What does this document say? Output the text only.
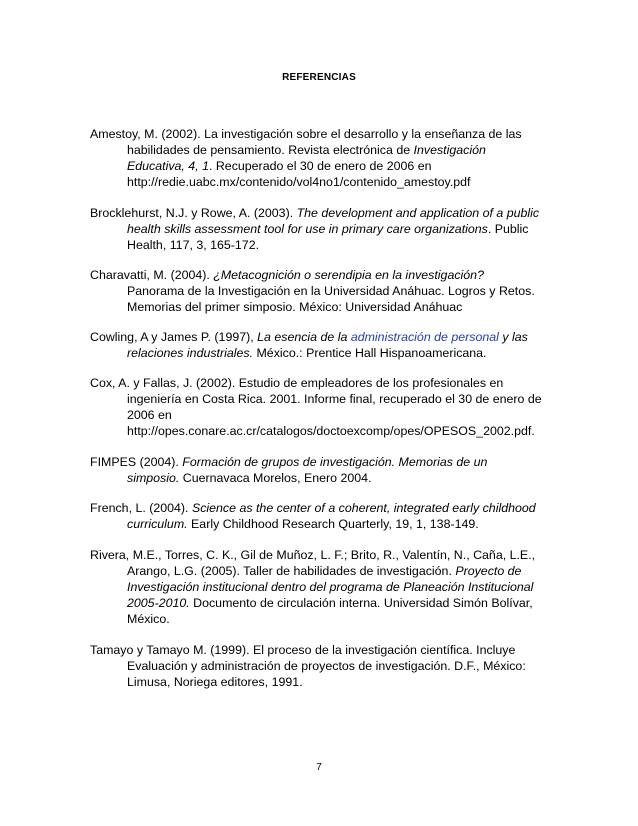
REFERENCIAS
Amestoy, M. (2002). La investigación sobre el desarrollo y la enseñanza de las
habilidades de pensamiento. Revista electrónica de Investigación
Educativa, 4, 1. Recuperado el 30 de enero de 2006 en
http://redie.uabc.mx/contenido/vol4no1/contenido_amestoy.pdf
Brocklehurst, N.J. y Rowe, A. (2003). The development and application of a public
health skills assessment tool for use in primary care organizations. Public
Health, 117, 3, 165-172.
Charavatti, M. (2004). ¿Metacognición o serendipia en la investigación?
Panorama de la Investigación en la Universidad Anáhuac. Logros y Retos.
Memorias del primer simposio. México: Universidad Anáhuac
Cowling, A y James P. (1997), La esencia de la administración de personal y las
relaciones industriales. México.: Prentice Hall Hispanoamericana.
Cox, A. y Fallas, J. (2002). Estudio de empleadores de los profesionales en
ingeniería en Costa Rica. 2001. Informe final, recuperado el 30 de enero de
2006 en
http://opes.conare.ac.cr/catalogos/doctoexcomp/opes/OPESOS_2002.pdf.
FIMPES (2004). Formación de grupos de investigación. Memorias de un
simposio. Cuernavaca Morelos, Enero 2004.
French, L. (2004). Science as the center of a coherent, integrated early childhood
curriculum. Early Childhood Research Quarterly, 19, 1, 138-149.
Rivera, M.E., Torres, C. K., Gil de Muñoz, L. F.; Brito, R., Valentín, N., Caña, L.E.,
Arango, L.G. (2005). Taller de habilidades de investigación. Proyecto de
Investigación institucional dentro del programa de Planeación Institucional
2005-2010. Documento de circulación interna. Universidad Simón Bolívar,
México.
Tamayo y Tamayo M. (1999). El proceso de la investigación científica. Incluye
Evaluación y administración de proyectos de investigación. D.F., México:
Limusa, Noriega editores, 1991.
7
